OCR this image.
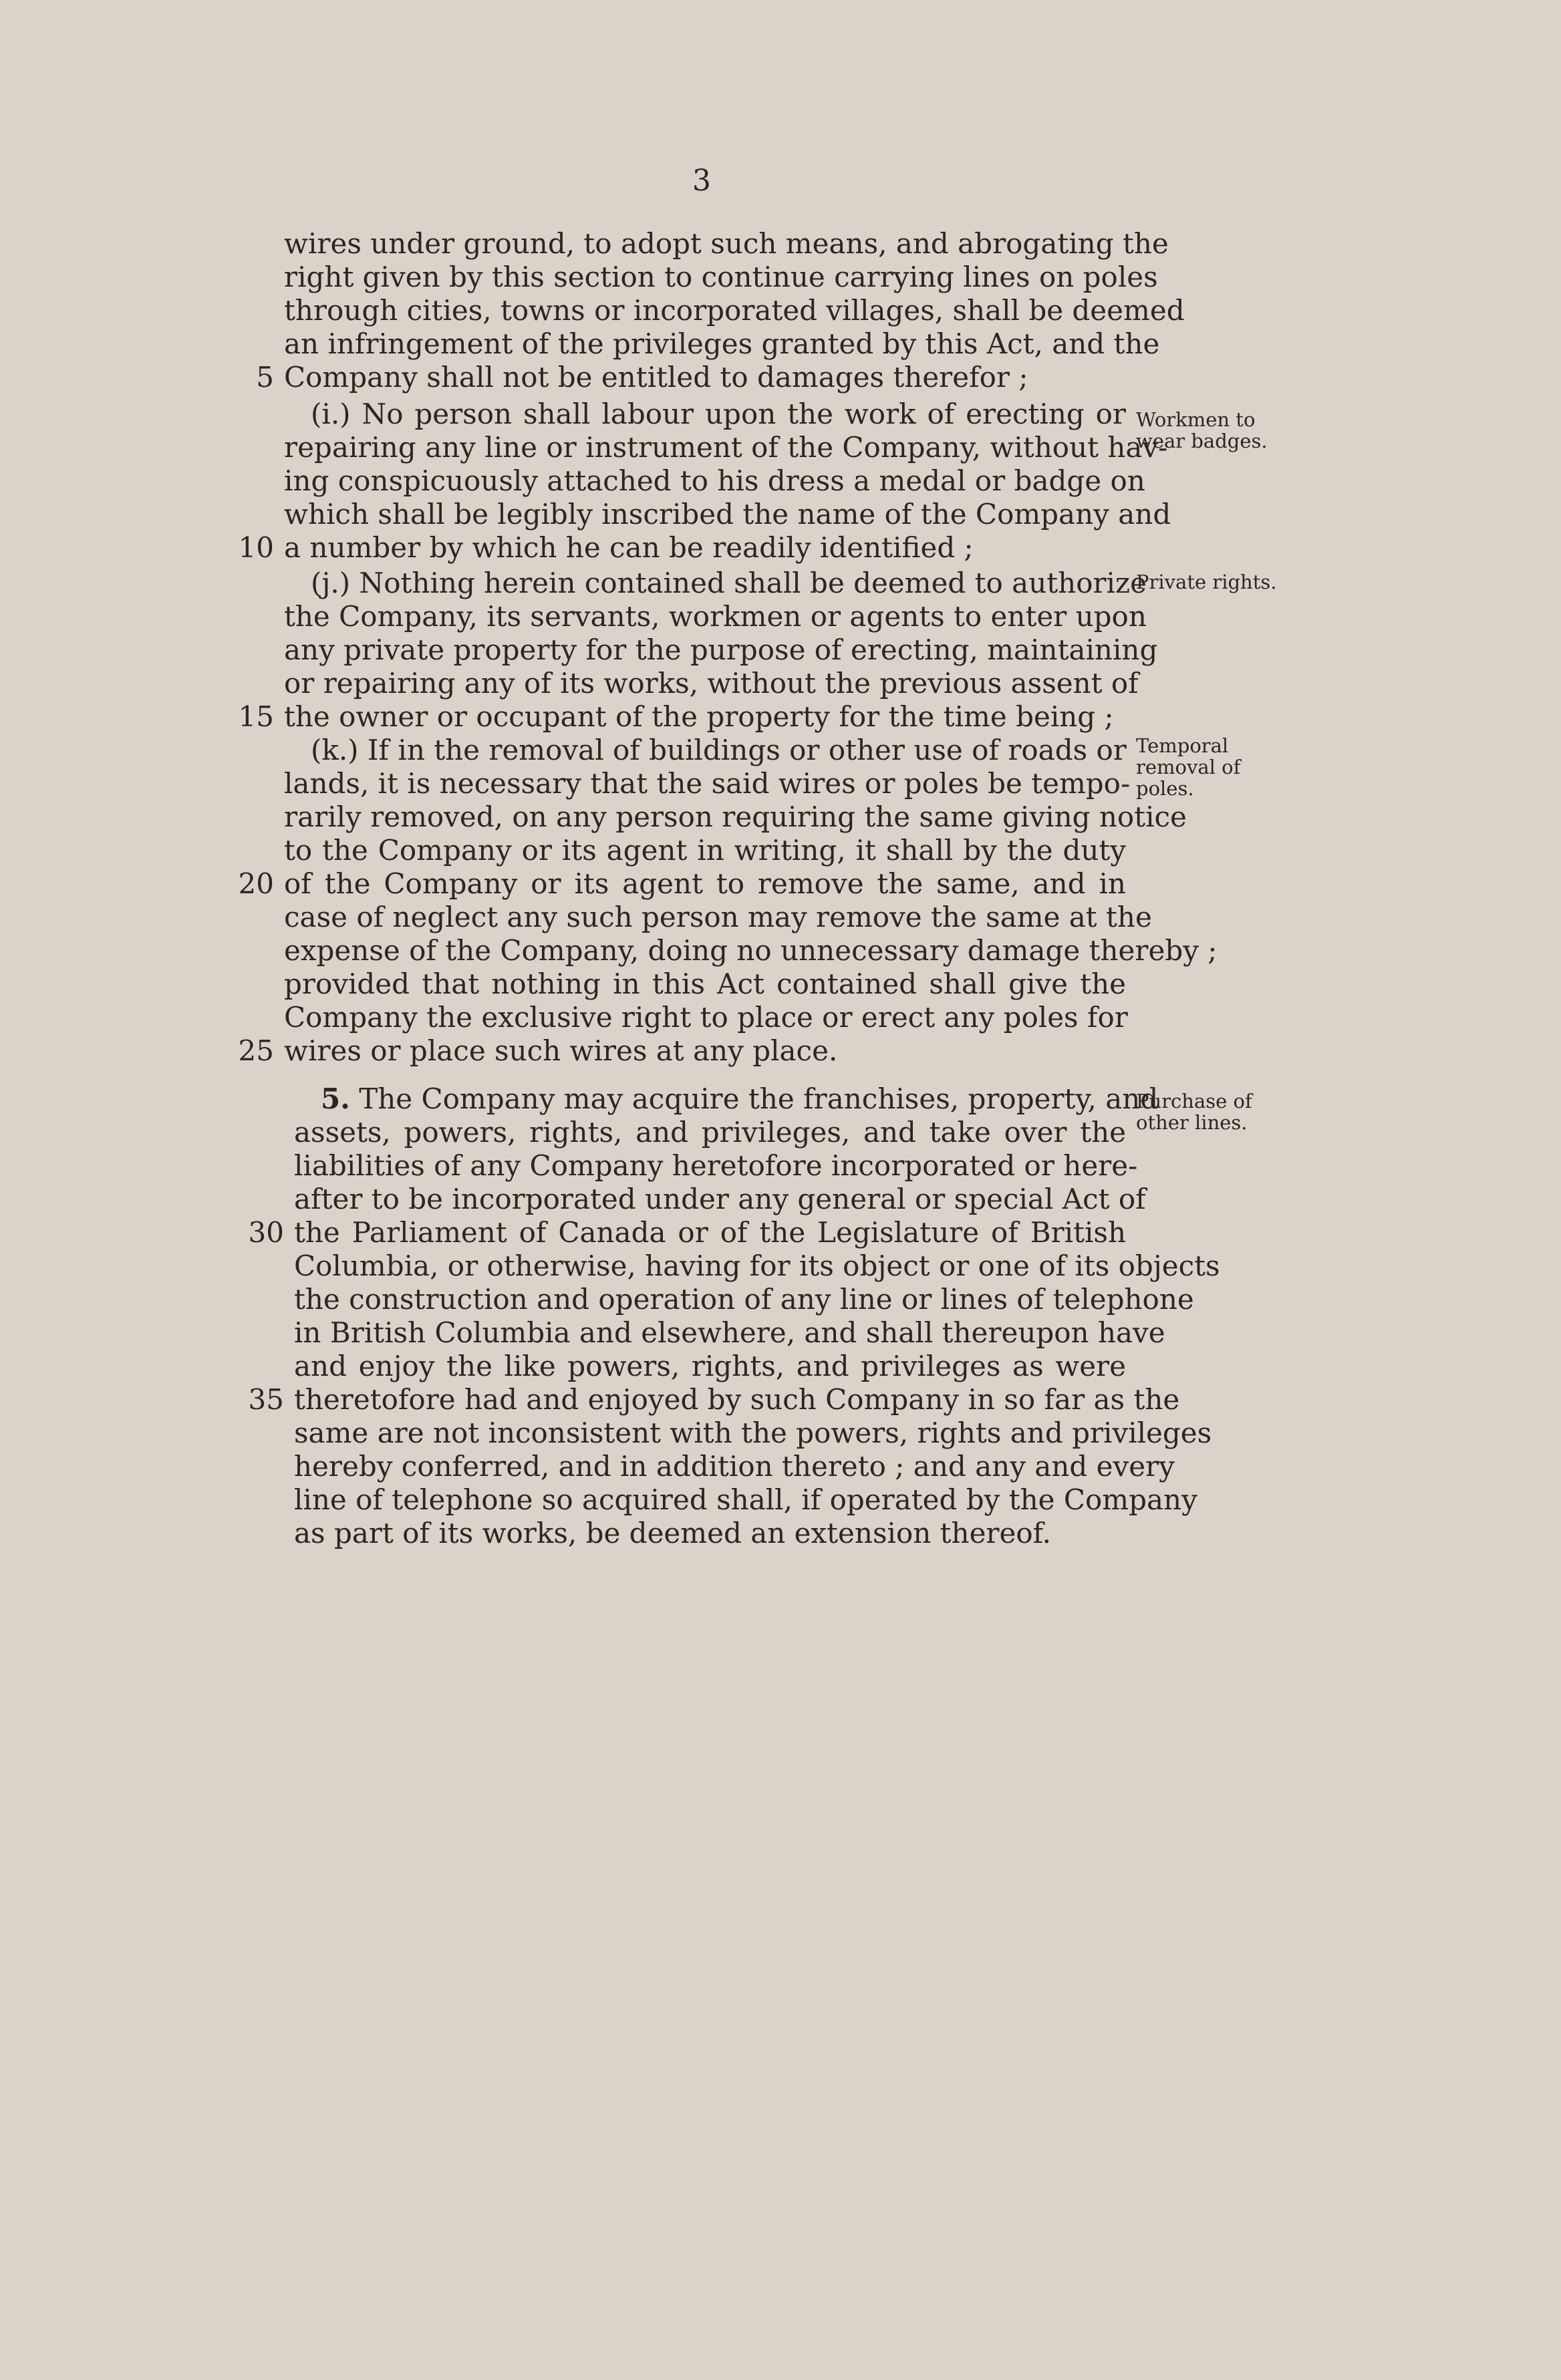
3
wires under ground, to adopt such means, and abrogating the
right given by this section to continue carrying lines on poles
through cities, towns or incorporated villages, shall be deemed
an infringement of the privileges granted by this Act, and the
Company shall not be entitled to damages therefor ;
5
(i.) No person shall labour upon the work of erecting or
repairing any line or instrument of the Company, without hav-
ing conspicuously attached to his dress a medal or badge on
which shall be legibly inscribed the name of the Company and
a number by which he can be readily identified ;
10
Workmen to wear badges.
(j.) Nothing herein contained shall be deemed to authorize
the Company, its servants, workmen or agents to enter upon
any private property for the purpose of erecting, maintaining
or repairing any of its works, without the previous assent of
the owner or occupant of the property for the time being ;
15
Private rights.
(k.) If in the removal of buildings or other use of roads or
lands, it is necessary that the said wires or poles be tempo-
rarily removed, on any person requiring the same giving notice
to the Company or its agent in writing, it shall by the duty
of the Company or its agent to remove the same, and in
20
case of neglect any such person may remove the same at the
expense of the Company, doing no unnecessary damage thereby ;
provided that nothing in this Act contained shall give the
Company the exclusive right to place or erect any poles for
wires or place such wires at any place.
25
Temporal removal of poles.
5. The Company may acquire the franchises, property, and
assets, powers, rights, and privileges, and take over the
liabilities of any Company heretofore incorporated or here-
after to be incorporated under any general or special Act of
the Parliament of Canada or of the Legislature of British
30
Columbia, or otherwise, having for its object or one of its objects
the construction and operation of any line or lines of telephone
in British Columbia and elsewhere, and shall thereupon have
and enjoy the like powers, rights, and privileges as were
theretofore had and enjoyed by such Company in so far as the
35
same are not inconsistent with the powers, rights and privileges
hereby conferred, and in addition thereto ; and any and every
line of telephone so acquired shall, if operated by the Company
as part of its works, be deemed an extension thereof.
Purchase of other lines.
